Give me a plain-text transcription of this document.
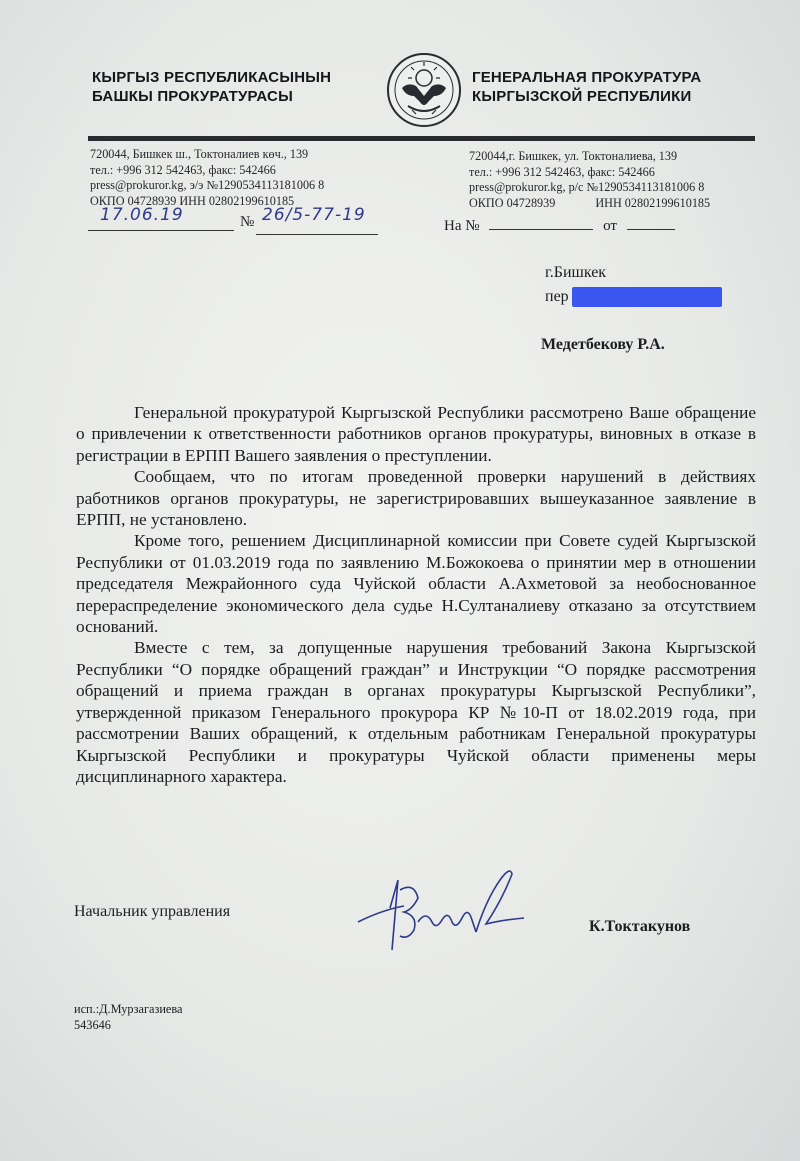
КЫРГЫЗ РЕСПУБЛИКАСЫНЫН
БАШКЫ ПРОКУРАТУРАСЫ
ГЕНЕРАЛЬНАЯ ПРОКУРАТУРА
КЫРГЫЗСКОЙ РЕСПУБЛИКИ
720044, Бишкек ш., Токтоналиев көч., 139
тел.: +996 312 542463, факс: 542466
press@prokuror.kg, э/э №1290534113181006 8
ОКПО 04728939 ИНН 02802199610185
720044,г. Бишкек, ул. Токтоналиева, 139
тел.: +996 312 542463, факс: 542466
press@prokuror.kg, р/с №1290534113181006 8
ОКПО 04728939	ИНН 02802199610185
17.06.19	№ 26/5-77-19
На №	от
г.Бишкек
пер
Медетбекову Р.А.

Генеральной прокуратурой Кыргызской Республики рассмотрено Ваше обращение о привлечении к ответственности работников органов прокуратуры, виновных в отказе в регистрации в ЕРПП Вашего заявления о преступлении.

Сообщаем, что по итогам проведенной проверки нарушений в действиях работников органов прокуратуры, не зарегистрировавших вышеуказанное заявление в ЕРПП, не установлено.

Кроме того, решением Дисциплинарной комиссии при Совете судей Кыргызской Республики от 01.03.2019 года по заявлению М.Божокоева о принятии мер в отношении председателя Межрайонного суда Чуйской области А.Ахметовой за необоснованное перераспределение экономического дела судье Н.Султаналиеву отказано за отсутствием оснований.

Вместе с тем, за допущенные нарушения требований Закона Кыргызской Республики “О порядке обращений граждан” и Инструкции “О порядке рассмотрения обращений и приема граждан в органах прокуратуры Кыргызской Республики”, утвержденной приказом Генерального прокурора КР №10-П от 18.02.2019 года, при рассмотрении Ваших обращений, к отдельным работникам Генеральной прокуратуры Кыргызской Республики и прокуратуры Чуйской области применены меры дисциплинарного характера.

Начальник управления
К.Токтакунов
исп.:Д.Мурзагазиева
543646
